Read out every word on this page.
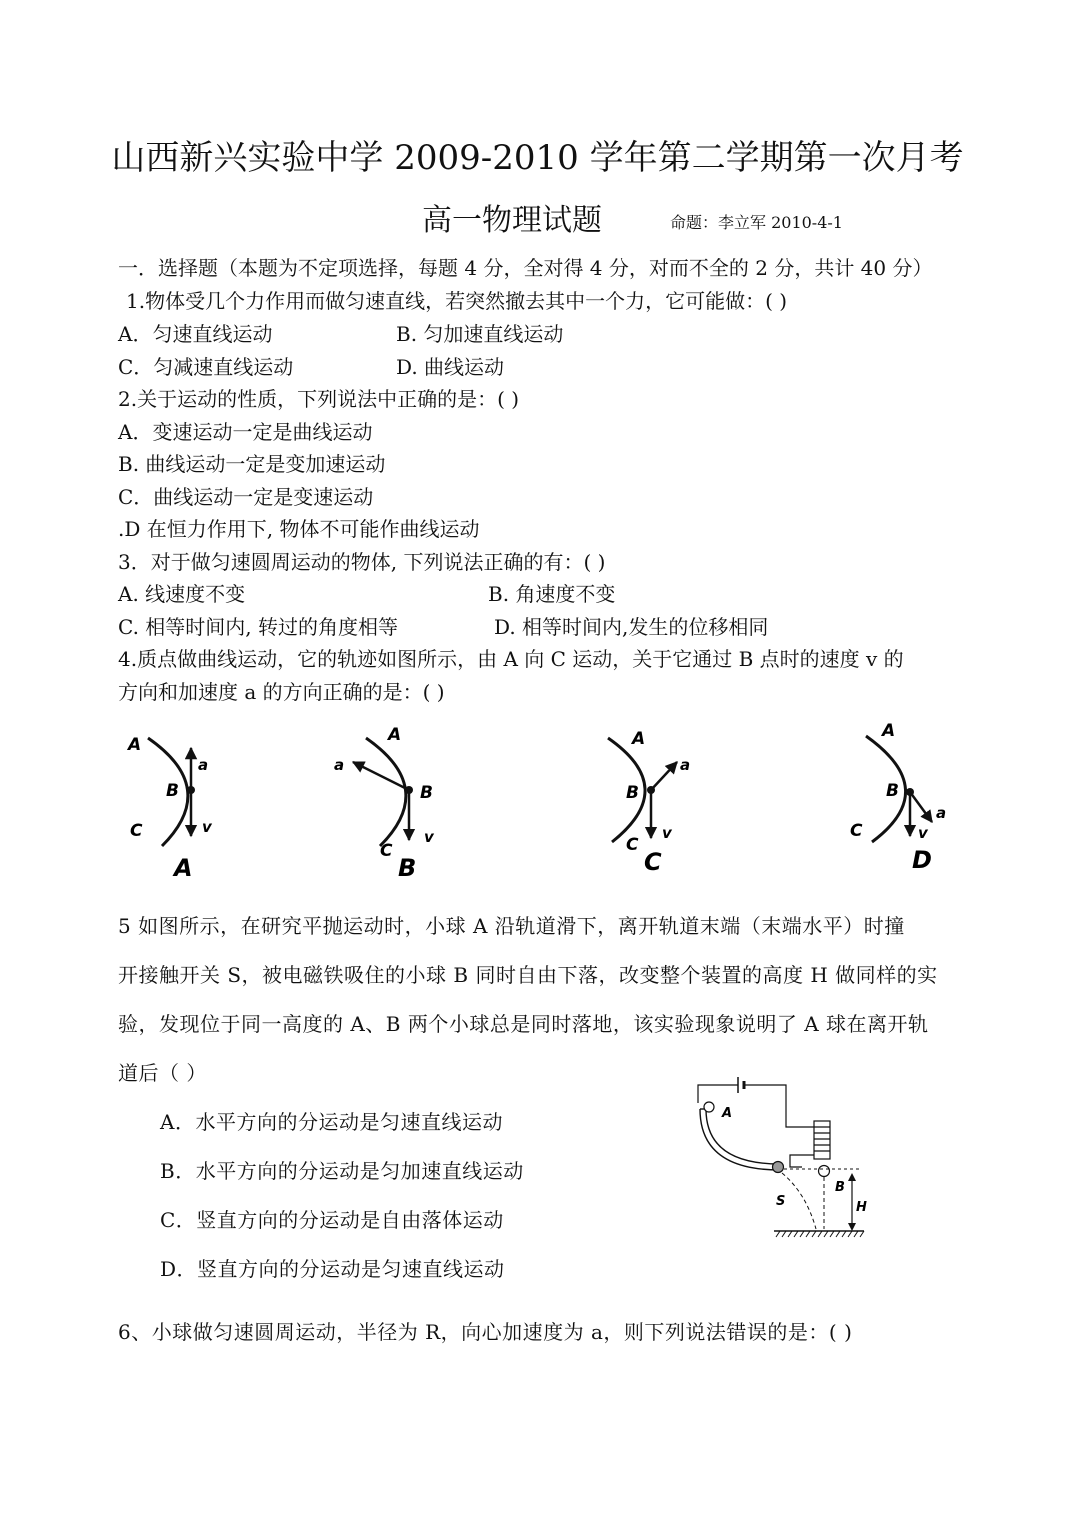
山西新兴实验中学 2009-2010 学年第二学期第一次月考
高一物理试题	命题：李立军 2010-4-1
一．选择题（本题为不定项选择，每题 4 分，全对得 4 分，对而不全的 2 分，共计 40 分）
1.物体受几个力作用而做匀速直线，若突然撤去其中一个力，它可能做：( )
A．匀速直线运动	B. 匀加速直线运动
C．匀减速直线运动	D. 曲线运动
2.关于运动的性质，下列说法中正确的是：( )
A．变速运动一定是曲线运动
B. 曲线运动一定是变加速运动
C．曲线运动一定是变速运动
.D 在恒力作用下, 物体不可能作曲线运动
3．对于做匀速圆周运动的物体, 下列说法正确的有：( )
A. 线速度不变	B. 角速度不变
C. 相等时间内, 转过的角度相等	D. 相等时间内,发生的位移相同
4.质点做曲线运动，它的轨迹如图所示，由 A 向 C 运动，关于它通过 B 点时的速度 v 的
方向和加速度 a 的方向正确的是：( )
A
a
B
v
C
A
A
a
B
v
C
B
A
a
B
v
C
C
A
a
B
v
C
D
5 如图所示，在研究平抛运动时，小球 A 沿轨道滑下，离开轨道末端（末端水平）时撞
开接触开关 S，被电磁铁吸住的小球 B 同时自由下落，改变整个装置的高度 H 做同样的实
验，发现位于同一高度的 A、B 两个小球总是同时落地，该实验现象说明了 A 球在离开轨
道后（ ）
A．水平方向的分运动是匀速直线运动
B．水平方向的分运动是匀加速直线运动
C．竖直方向的分运动是自由落体运动
D．竖直方向的分运动是匀速直线运动
A
S
B
H
6、小球做匀速圆周运动，半径为 R，向心加速度为 a，则下列说法错误的是：( )
